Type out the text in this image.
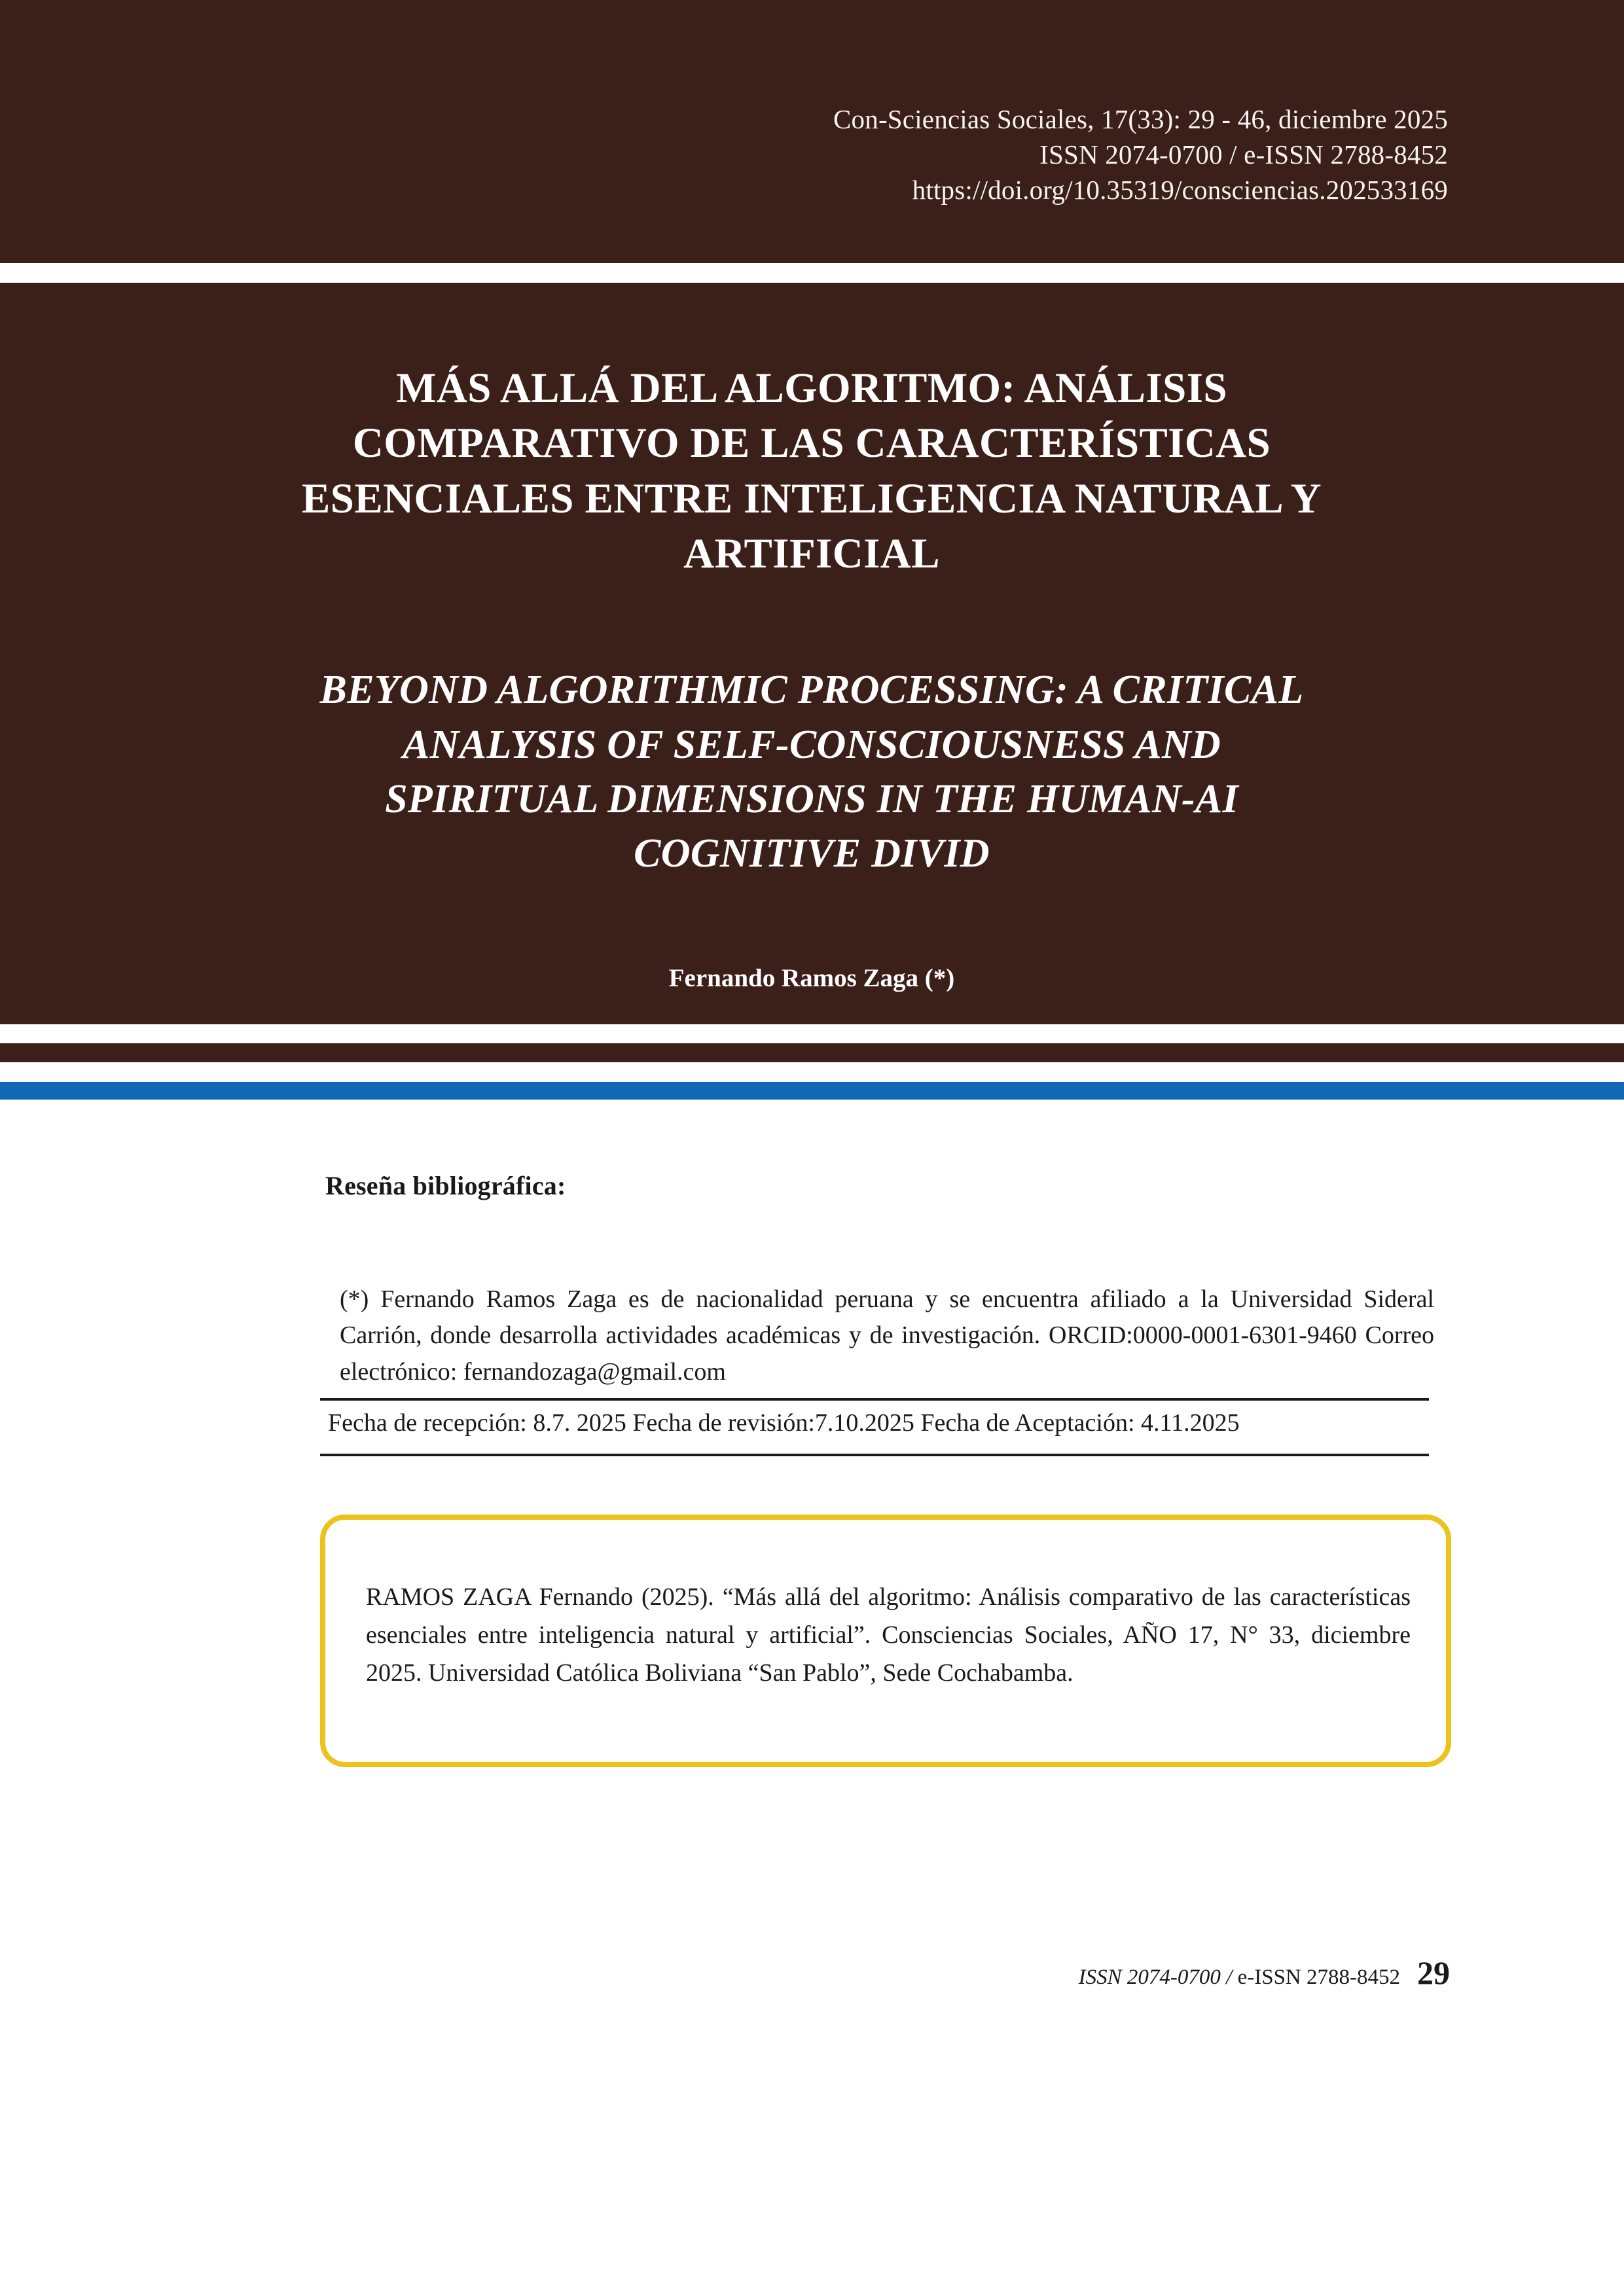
Con-Sciencias Sociales, 17(33): 29 - 46, diciembre 2025
ISSN 2074-0700 / e-ISSN 2788-8452
https://doi.org/10.35319/consciencias.202533169
MÁS ALLÁ DEL ALGORITMO: ANÁLISIS COMPARATIVO DE LAS CARACTERÍSTICAS ESENCIALES ENTRE INTELIGENCIA NATURAL Y ARTIFICIAL
BEYOND ALGORITHMIC PROCESSING: A CRITICAL ANALYSIS OF SELF-CONSCIOUSNESS AND SPIRITUAL DIMENSIONS IN THE HUMAN-AI COGNITIVE DIVID
Fernando Ramos Zaga (*)
Reseña bibliográfica:

(*) Fernando Ramos Zaga es de nacionalidad peruana y se encuentra afiliado a la Universidad Sideral Carrión, donde desarrolla actividades académicas y de investigación. ORCID:0000-0001-6301-9460 Correo electrónico: fernandozaga@gmail.com

Fecha de recepción: 8.7. 2025 Fecha de revisión:7.10.2025 Fecha de Aceptación: 4.11.2025

RAMOS ZAGA Fernando (2025). “Más allá del algoritmo: Análisis comparativo de las características esenciales entre inteligencia natural y artificial”. Consciencias Sociales, AÑO 17, N° 33, diciembre 2025. Universidad Católica Boliviana “San Pablo”, Sede Cochabamba.

ISSN 2074-0700 / e-ISSN 2788-8452 29
